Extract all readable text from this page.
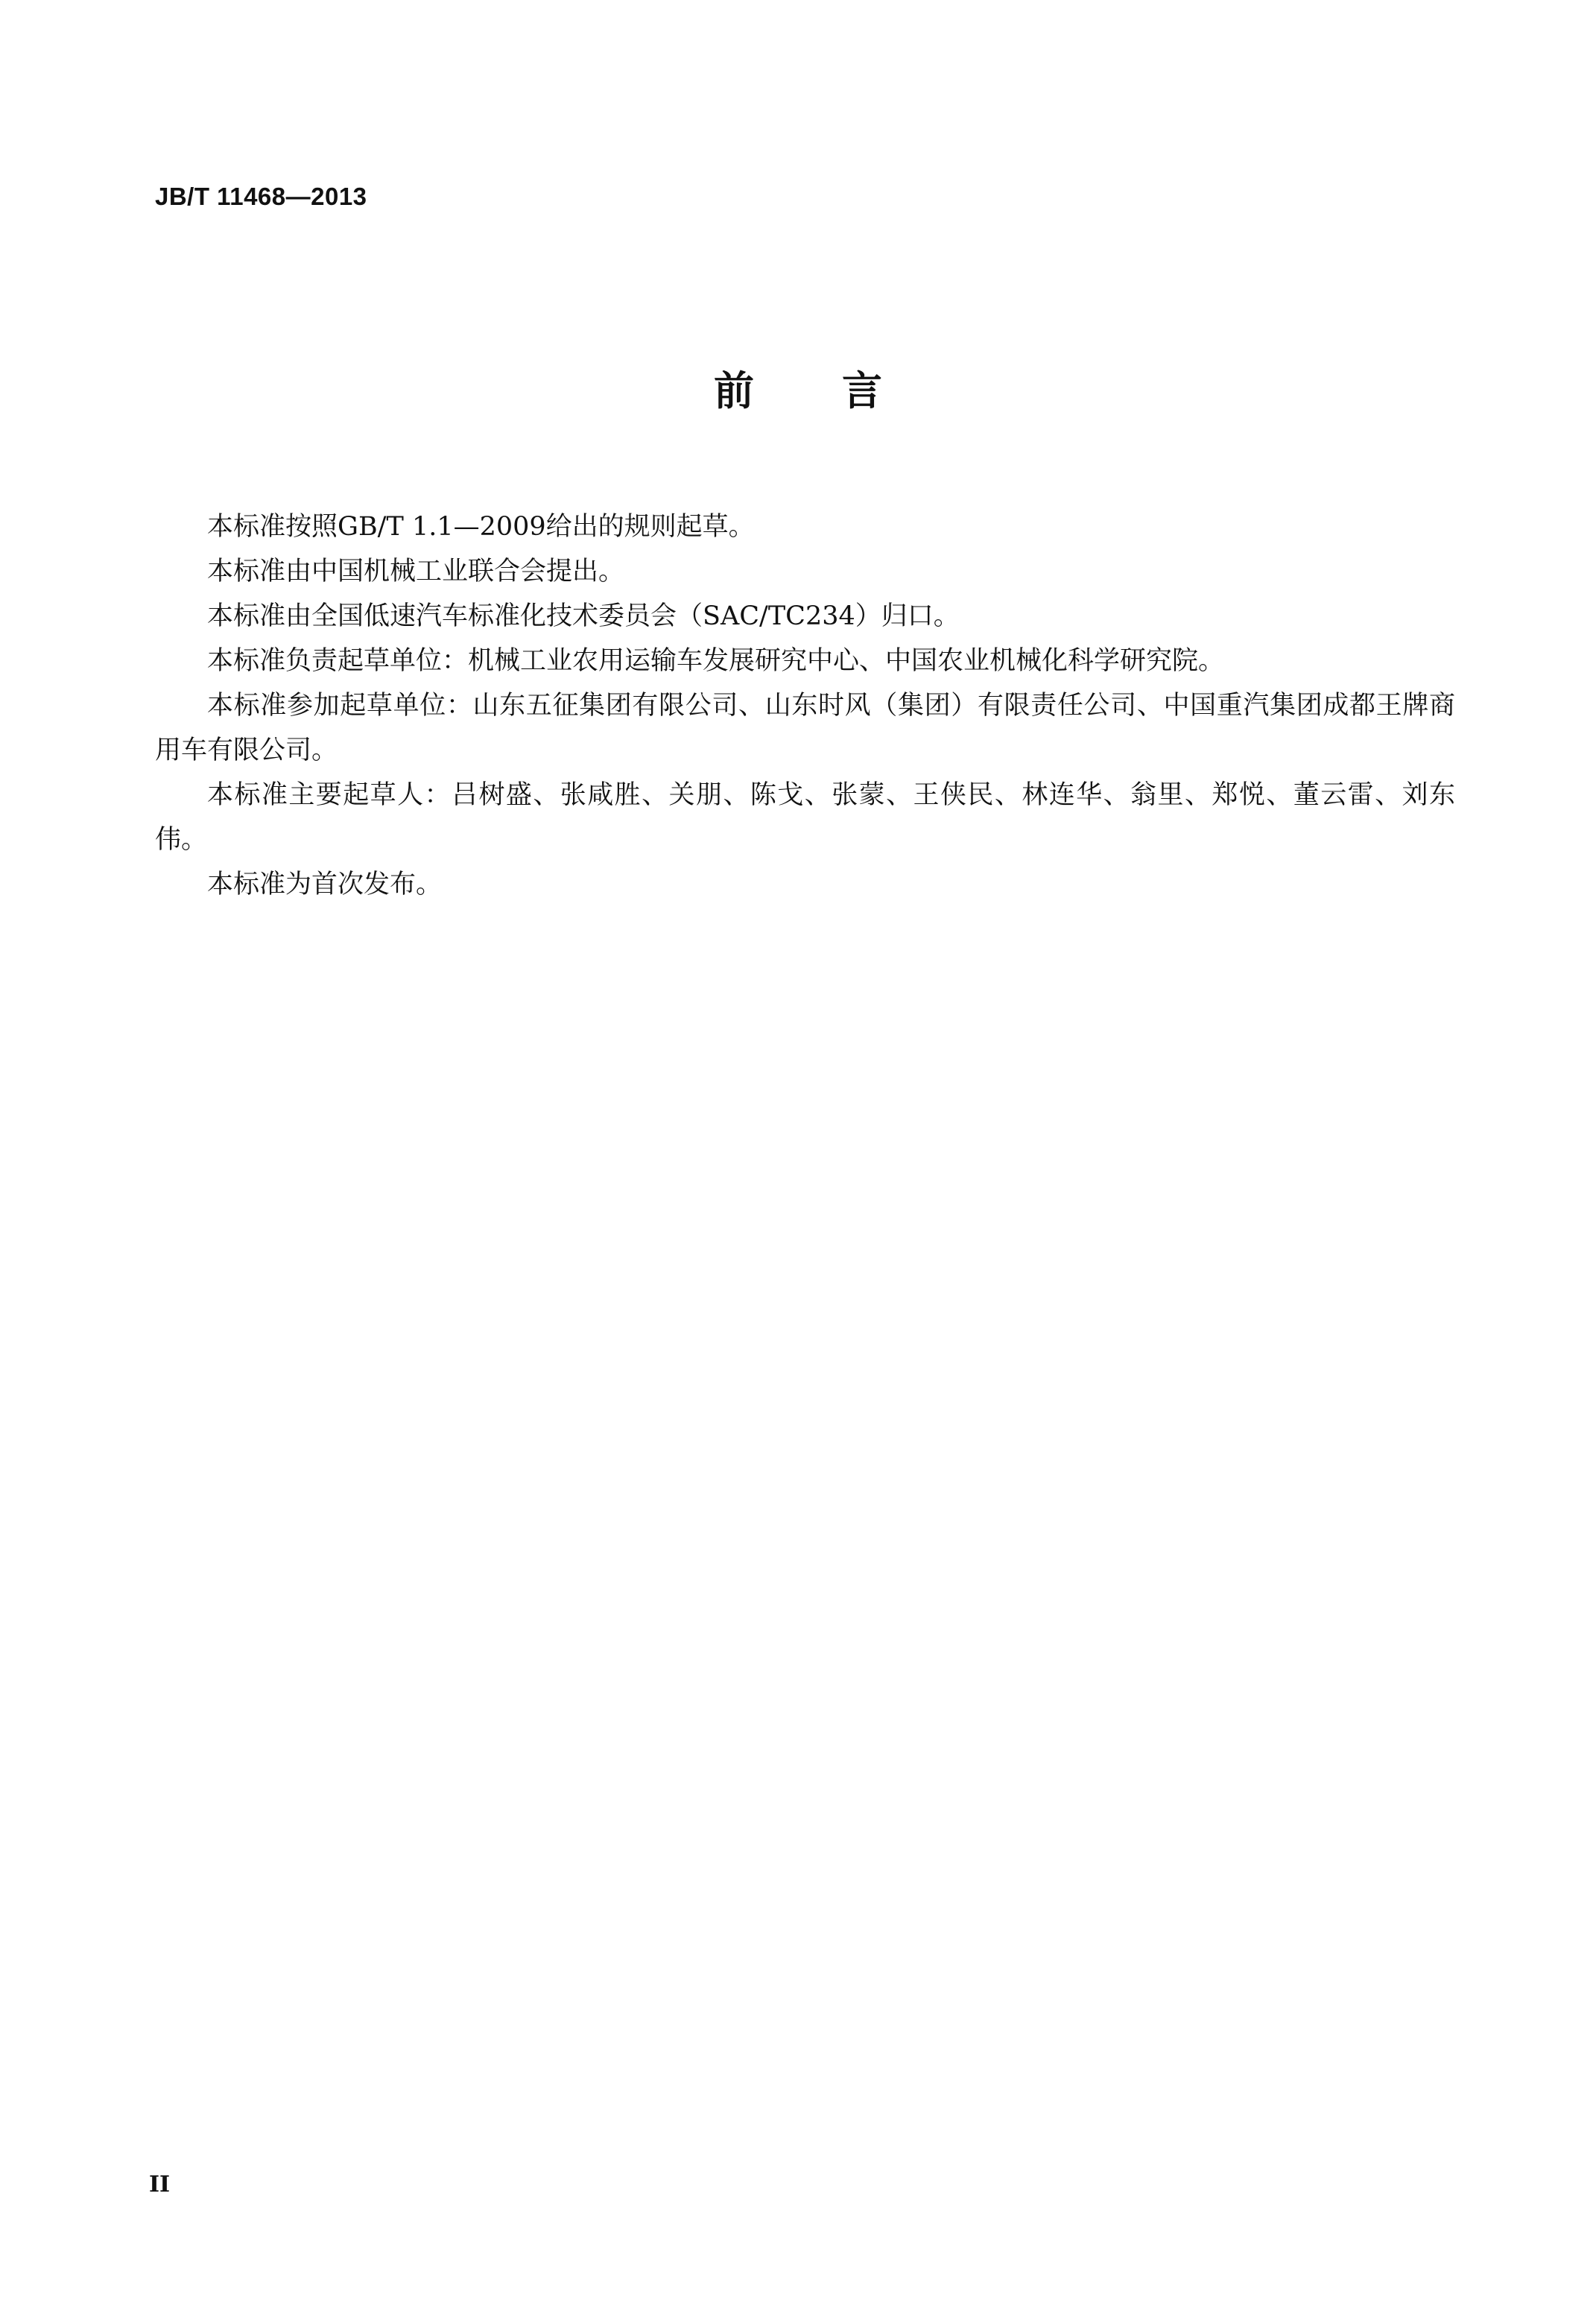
JB/T 11468—2013
前 言

本标准按照GB/T 1.1—2009给出的规则起草。

本标准由中国机械工业联合会提出。

本标准由全国低速汽车标准化技术委员会（SAC/TC234）归口。

本标准负责起草单位：机械工业农用运输车发展研究中心、中国农业机械化科学研究院。

本标准参加起草单位：山东五征集团有限公司、山东时风（集团）有限责任公司、中国重汽集团成都王牌商用车有限公司。

本标准主要起草人：吕树盛、张咸胜、关朋、陈戈、张蒙、王侠民、林连华、翁里、郑悦、董云雷、刘东伟。

本标准为首次发布。

II
